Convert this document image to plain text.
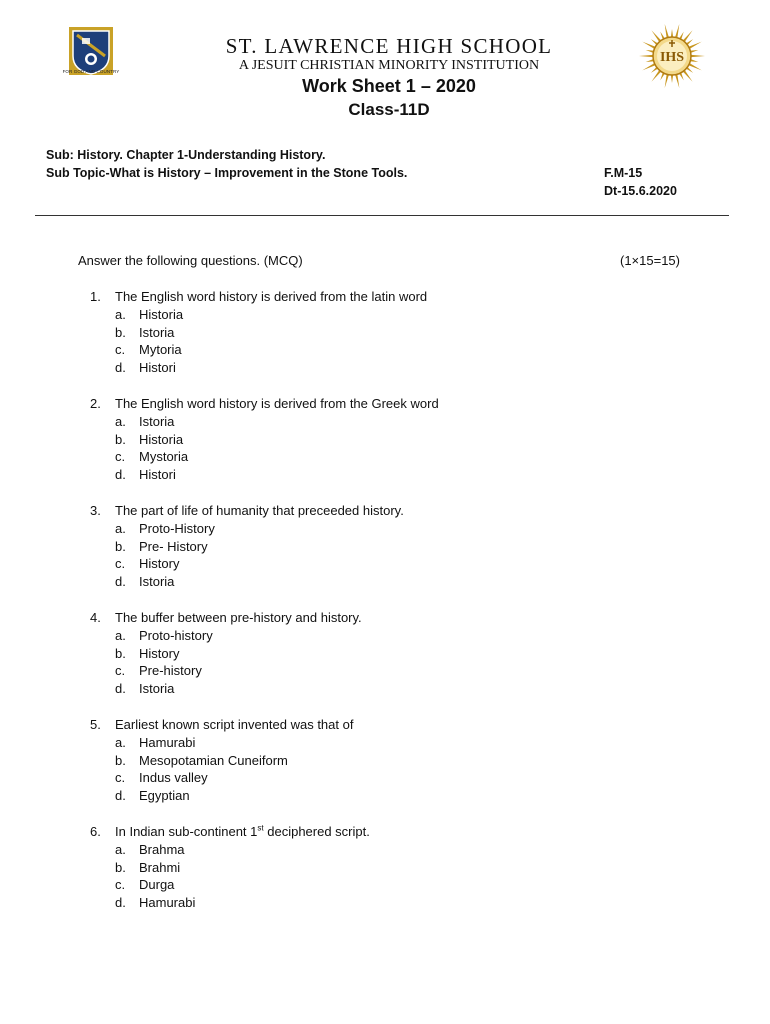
FOR GOD AND COUNTRY
IHS
ST. LAWRENCE HIGH SCHOOL
A JESUIT CHRISTIAN MINORITY INSTITUTION
Work Sheet 1 – 2020
Class-11D
Sub: History. Chapter 1-Understanding History.
Sub Topic-What is History – Improvement in the Stone Tools.	F.M-15
Dt-15.6.2020
Answer the following questions. (MCQ)	(1×15=15)
1.	The English word history is derived from the latin word
a.	Historia
b.	Istoria
c.	Mytoria
d.	Histori
2.	The English word history is derived from the Greek word
a.	Istoria
b.	Historia
c.	Mystoria
d.	Histori
3.	The part of life of humanity that preceeded history.
a.	Proto-History
b.	Pre- History
c.	History
d.	Istoria
4.	The buffer between pre-history and history.
a.	Proto-history
b.	History
c.	Pre-history
d.	Istoria
5.	Earliest known script invented was that of
a.	Hamurabi
b.	Mesopotamian Cuneiform
c.	Indus valley
d.	Egyptian
6.	In Indian sub-continent 1st deciphered script.
a.	Brahma
b.	Brahmi
c.	Durga
d.	Hamurabi
